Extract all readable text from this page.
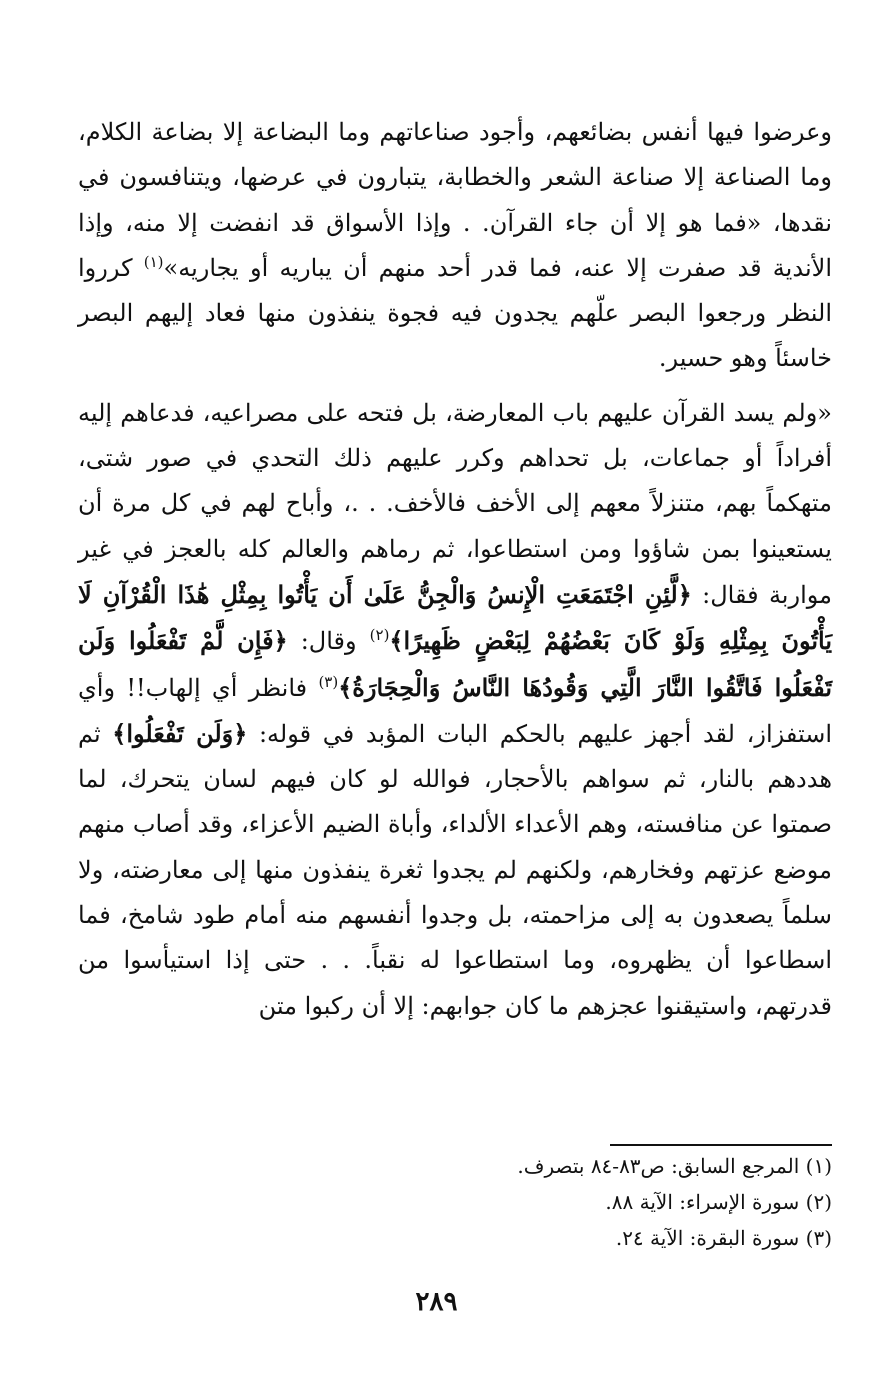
وعرضوا فيها أنفس بضائعهم، وأجود صناعاتهم وما البضاعة إلا بضاعة الكلام، وما الصناعة إلا صناعة الشعر والخطابة، يتبارون في عرضها، ويتنافسون في نقدها، «فما هو إلا أن جاء القرآن. . وإذا الأسواق قد انفضت إلا منه، وإذا الأندية قد صفرت إلا عنه، فما قدر أحد منهم أن يباريه أو يجاريه»$^{(١)}$ كرروا النظر ورجعوا البصر علّهم يجدون فيه فجوة ينفذون منها فعاد إليهم البصر خاسئاً وهو حسير.

«ولم يسد القرآن عليهم باب المعارضة، بل فتحه على مصراعيه، فدعاهم إليه أفراداً أو جماعات، بل تحداهم وكرر عليهم ذلك التحدي في صور شتى، متهكماً بهم، متنزلاً معهم إلى الأخف فالأخف. . .، وأباح لهم في كل مرة أن يستعينوا بمن شاؤوا ومن استطاعوا، ثم رماهم والعالم كله بالعجز في غير مواربة فقال: ﴿لَّئِنِ اجْتَمَعَتِ الْإِنسُ وَالْجِنُّ عَلَىٰ أَن يَأْتُوا بِمِثْلِ هَٰذَا الْقُرْآنِ لَا يَأْتُونَ بِمِثْلِهِ وَلَوْ كَانَ بَعْضُهُمْ لِبَعْضٍ ظَهِيرًا﴾$^{(٢)}$ وقال: ﴿فَإِن لَّمْ تَفْعَلُوا وَلَن تَفْعَلُوا فَاتَّقُوا النَّارَ الَّتِي وَقُودُهَا النَّاسُ وَالْحِجَارَةُ﴾$^{(٣)}$ فانظر أي إلهاب!! وأي استفزاز، لقد أجهز عليهم بالحكم البات المؤبد في قوله: ﴿وَلَن تَفْعَلُوا﴾ ثم هددهم بالنار، ثم سواهم بالأحجار، فوالله لو كان فيهم لسان يتحرك، لما صمتوا عن منافسته، وهم الأعداء الألداء، وأباة الضيم الأعزاء، وقد أصاب منهم موضع عزتهم وفخارهم، ولكنهم لم يجدوا ثغرة ينفذون منها إلى معارضته، ولا سلماً يصعدون به إلى مزاحمته، بل وجدوا أنفسهم منه أمام طود شامخ، فما اسطاعوا أن يظهروه، وما استطاعوا له نقباً. . . حتى إذا استيأسوا من قدرتهم، واستيقنوا عجزهم ما كان جوابهم: إلا أن ركبوا متن

(١) المرجع السابق: ص٨٣-٨٤ بتصرف.
(٢) سورة الإسراء: الآية ٨٨.
(٣) سورة البقرة: الآية ٢٤.
٢٨٩
